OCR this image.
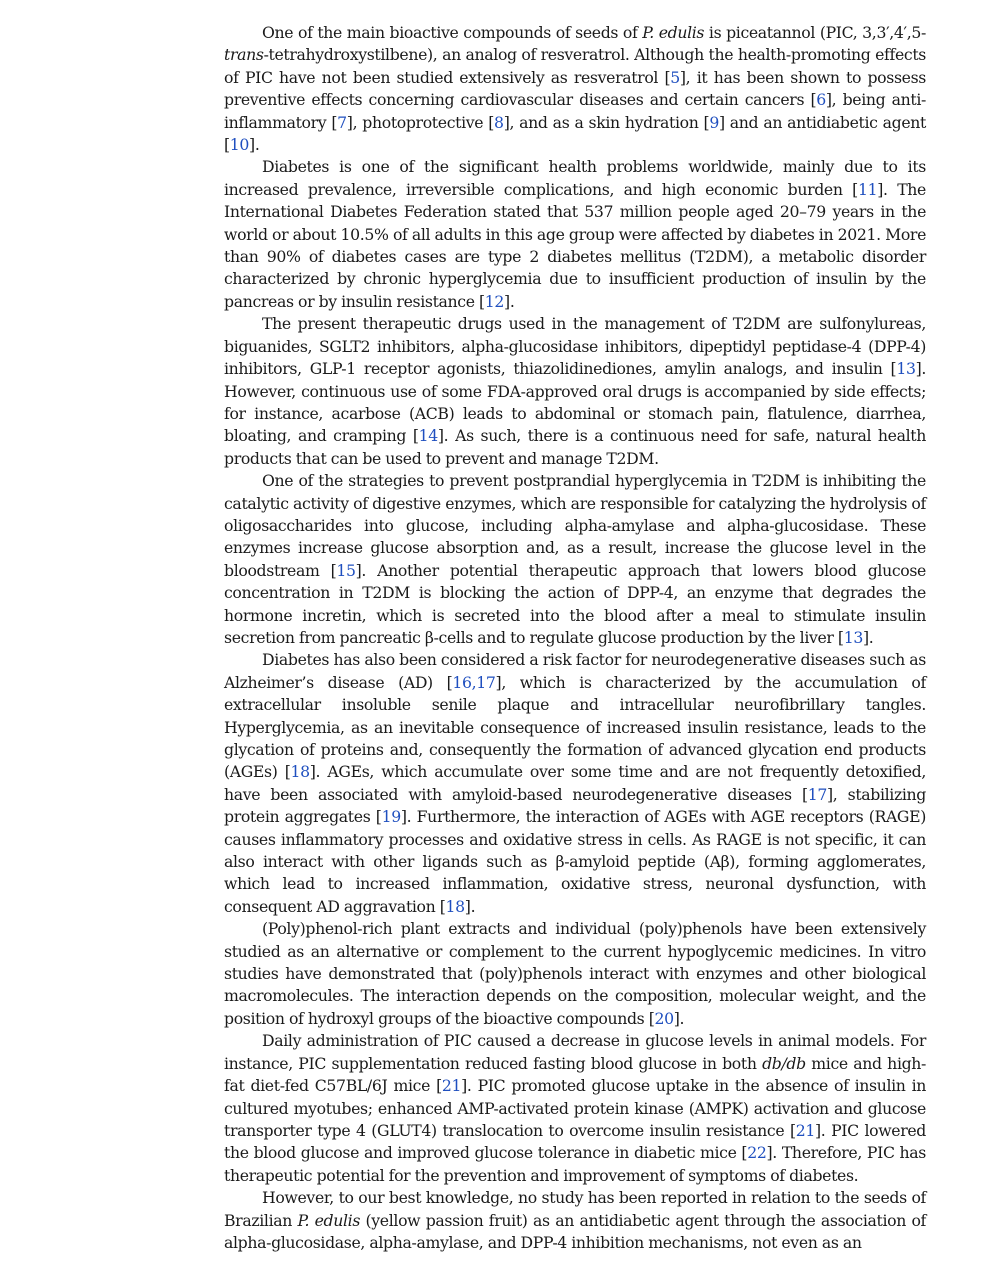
One of the main bioactive compounds of seeds of P. edulis is piceatannol (PIC, 3,3′,4′,5-trans-tetrahydroxystilbene), an analog of resveratrol. Although the health-promoting effects of PIC have not been studied extensively as resveratrol [5], it has been shown to possess preventive effects concerning cardiovascular diseases and certain cancers [6], being anti-inflammatory [7], photoprotective [8], and as a skin hydration [9] and an antidiabetic agent [10].

Diabetes is one of the significant health problems worldwide, mainly due to its increased prevalence, irreversible complications, and high economic burden [11]. The International Diabetes Federation stated that 537 million people aged 20–79 years in the world or about 10.5% of all adults in this age group were affected by diabetes in 2021. More than 90% of diabetes cases are type 2 diabetes mellitus (T2DM), a metabolic disorder characterized by chronic hyperglycemia due to insufficient production of insulin by the pancreas or by insulin resistance [12].

The present therapeutic drugs used in the management of T2DM are sulfonylureas, biguanides, SGLT2 inhibitors, alpha-glucosidase inhibitors, dipeptidyl peptidase-4 (DPP-4) inhibitors, GLP-1 receptor agonists, thiazolidinediones, amylin analogs, and insulin [13]. However, continuous use of some FDA-approved oral drugs is accompanied by side effects; for instance, acarbose (ACB) leads to abdominal or stomach pain, flatulence, diarrhea, bloating, and cramping [14]. As such, there is a continuous need for safe, natural health products that can be used to prevent and manage T2DM.

One of the strategies to prevent postprandial hyperglycemia in T2DM is inhibiting the catalytic activity of digestive enzymes, which are responsible for catalyzing the hydrolysis of oligosaccharides into glucose, including alpha-amylase and alpha-glucosidase. These enzymes increase glucose absorption and, as a result, increase the glucose level in the bloodstream [15]. Another potential therapeutic approach that lowers blood glucose concentration in T2DM is blocking the action of DPP-4, an enzyme that degrades the hormone incretin, which is secreted into the blood after a meal to stimulate insulin secretion from pancreatic β-cells and to regulate glucose production by the liver [13].

Diabetes has also been considered a risk factor for neurodegenerative diseases such as Alzheimer’s disease (AD) [16,17], which is characterized by the accumulation of extracellular insoluble senile plaque and intracellular neurofibrillary tangles. Hyperglycemia, as an inevitable consequence of increased insulin resistance, leads to the glycation of proteins and, consequently the formation of advanced glycation end products (AGEs) [18]. AGEs, which accumulate over some time and are not frequently detoxified, have been associated with amyloid-based neurodegenerative diseases [17], stabilizing protein aggregates [19]. Furthermore, the interaction of AGEs with AGE receptors (RAGE) causes inflammatory processes and oxidative stress in cells. As RAGE is not specific, it can also interact with other ligands such as β-amyloid peptide (Aβ), forming agglomerates, which lead to increased inflammation, oxidative stress, neuronal dysfunction, with consequent AD aggravation [18].

(Poly)phenol-rich plant extracts and individual (poly)phenols have been extensively studied as an alternative or complement to the current hypoglycemic medicines. In vitro studies have demonstrated that (poly)phenols interact with enzymes and other biological macromolecules. The interaction depends on the composition, molecular weight, and the position of hydroxyl groups of the bioactive compounds [20].

Daily administration of PIC caused a decrease in glucose levels in animal models. For instance, PIC supplementation reduced fasting blood glucose in both db/db mice and high-fat diet-fed C57BL/6J mice [21]. PIC promoted glucose uptake in the absence of insulin in cultured myotubes; enhanced AMP-activated protein kinase (AMPK) activation and glucose transporter type 4 (GLUT4) translocation to overcome insulin resistance [21]. PIC lowered the blood glucose and improved glucose tolerance in diabetic mice [22]. Therefore, PIC has therapeutic potential for the prevention and improvement of symptoms of diabetes.

However, to our best knowledge, no study has been reported in relation to the seeds of Brazilian P. edulis (yellow passion fruit) as an antidiabetic agent through the association of alpha-glucosidase, alpha-amylase, and DPP-4 inhibition mechanisms, not even as an
